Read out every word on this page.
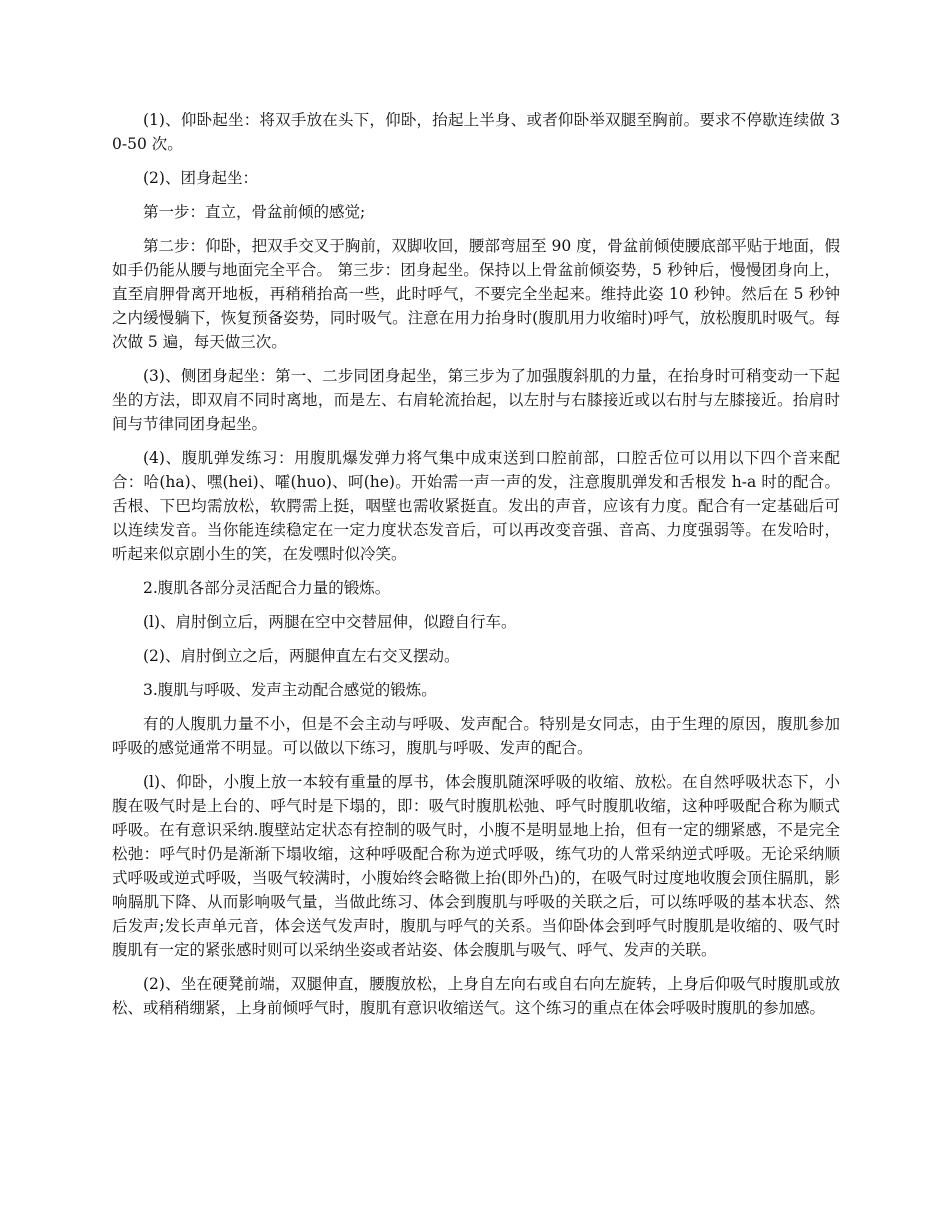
(1)、仰卧起坐：将双手放在头下，仰卧，抬起上半身、或者仰卧举双腿至胸前。要求不停歇连续做 30-50 次。

(2)、团身起坐：

第一步：直立，骨盆前倾的感觉;

第二步：仰卧，把双手交叉于胸前，双脚收回，腰部弯屈至 90 度，骨盆前倾使腰底部平贴于地面，假如手仍能从腰与地面完全平合。 第三步：团身起坐。保持以上骨盆前倾姿势，5 秒钟后，慢慢团身向上，直至肩胛骨离开地板，再稍稍抬高一些，此时呼气，不要完全坐起来。维持此姿 10 秒钟。然后在 5 秒钟之内缓慢躺下，恢复预备姿势，同时吸气。注意在用力抬身时(腹肌用力收缩时)呼气，放松腹肌时吸气。每次做 5 遍，每天做三次。

(3)、侧团身起坐：第一、二步同团身起坐，第三步为了加强腹斜肌的力量，在抬身时可稍变动一下起坐的方法，即双肩不同时离地，而是左、右肩轮流抬起，以左肘与右膝接近或以右肘与左膝接近。抬肩时间与节律同团身起坐。

(4)、腹肌弹发练习：用腹肌爆发弹力将气集中成束送到口腔前部，口腔舌位可以用以下四个音来配合：哈(ha)、嘿(hei)、嚯(huo)、呵(he)。开始需一声一声的发，注意腹肌弹发和舌根发 h-a 时的配合。舌根、下巴均需放松，软腭需上挺，咽壁也需收紧挺直。发出的声音，应该有力度。配合有一定基础后可以连续发音。当你能连续稳定在一定力度状态发音后，可以再改变音强、音高、力度强弱等。在发哈时，听起来似京剧小生的笑，在发嘿时似冷笑。

2.腹肌各部分灵活配合力量的锻炼。

(l)、肩肘倒立后，两腿在空中交替屈伸，似蹬自行车。

(2)、肩肘倒立之后，两腿伸直左右交叉摆动。

3.腹肌与呼吸、发声主动配合感觉的锻炼。

有的人腹肌力量不小，但是不会主动与呼吸、发声配合。特别是女同志，由于生理的原因，腹肌参加呼吸的感觉通常不明显。可以做以下练习，腹肌与呼吸、发声的配合。

(l)、仰卧，小腹上放一本较有重量的厚书，体会腹肌随深呼吸的收缩、放松。在自然呼吸状态下，小腹在吸气时是上台的、呼气时是下塌的，即：吸气时腹肌松弛、呼气时腹肌收缩，这种呼吸配合称为顺式呼吸。在有意识采纳.腹壁站定状态有控制的吸气时，小腹不是明显地上抬，但有一定的绷紧感，不是完全松弛：呼气时仍是渐渐下塌收缩，这种呼吸配合称为逆式呼吸，练气功的人常采纳逆式呼吸。无论采纳顺式呼吸或逆式呼吸，当吸气较满时，小腹始终会略微上抬(即外凸)的，在吸气时过度地收腹会顶住膈肌，影响膈肌下降、从而影响吸气量，当做此练习、体会到腹肌与呼吸的关联之后，可以练呼吸的基本状态、然后发声;发长声单元音，体会送气发声时，腹肌与呼气的关系。当仰卧体会到呼气时腹肌是收缩的、吸气时腹肌有一定的紧张感时则可以采纳坐姿或者站姿、体会腹肌与吸气、呼气、发声的关联。

(2)、坐在硬凳前端，双腿伸直，腰腹放松，上身自左向右或自右向左旋转，上身后仰吸气时腹肌或放松、或稍稍绷紧，上身前倾呼气时，腹肌有意识收缩送气。这个练习的重点在体会呼吸时腹肌的参加感。
